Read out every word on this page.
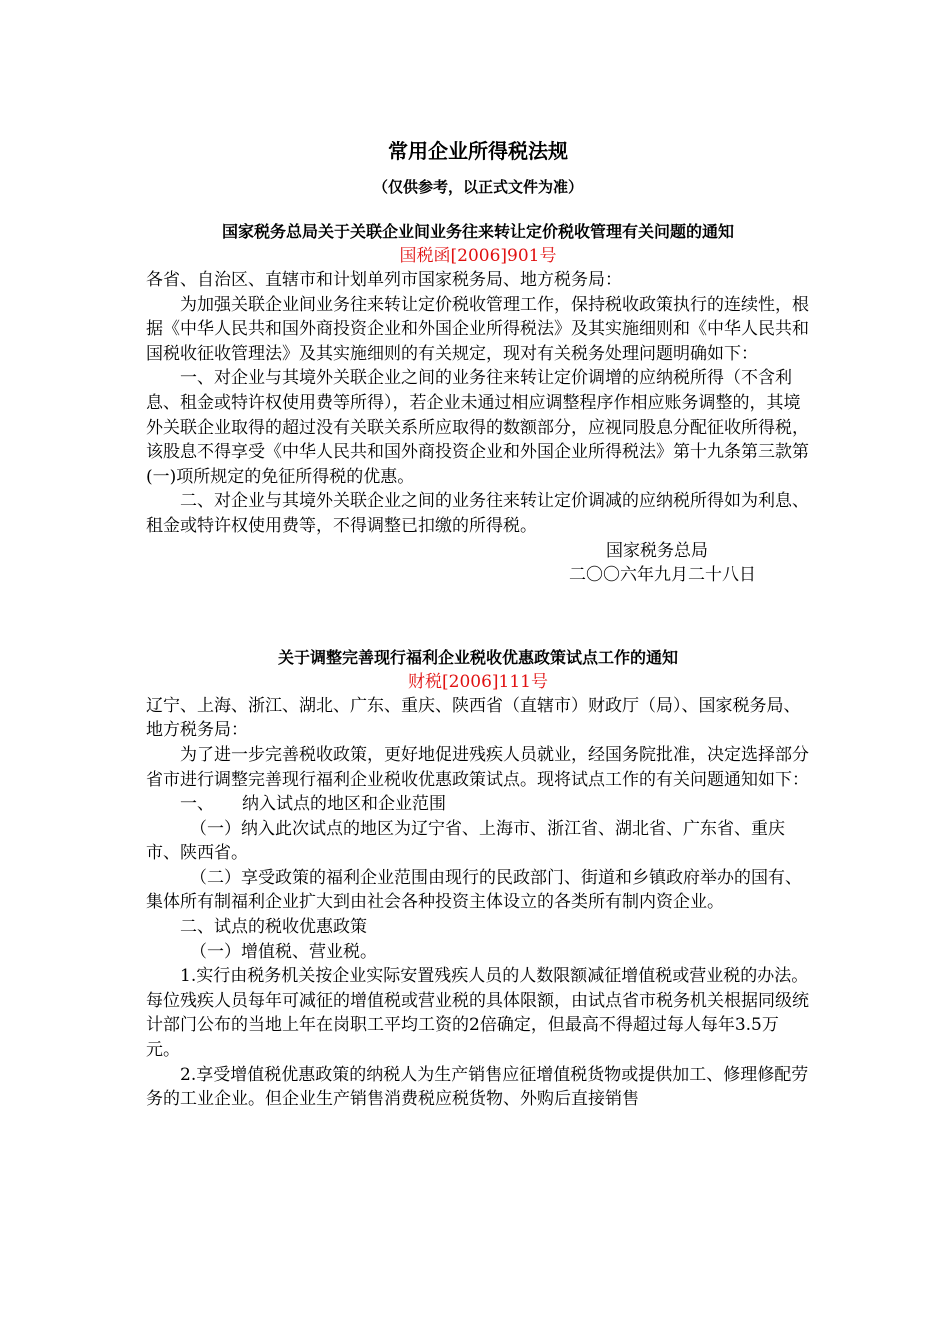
常用企业所得税法规
（仅供参考，以正式文件为准）
国家税务总局关于关联企业间业务往来转让定价税收管理有关问题的通知
国税函[2006]901号

各省、自治区、直辖市和计划单列市国家税务局、地方税务局：

为加强关联企业间业务往来转让定价税收管理工作，保持税收政策执行的连续性，根据《中华人民共和国外商投资企业和外国企业所得税法》及其实施细则和《中华人民共和国税收征收管理法》及其实施细则的有关规定，现对有关税务处理问题明确如下：

一、对企业与其境外关联企业之间的业务往来转让定价调增的应纳税所得（不含利息、租金或特许权使用费等所得），若企业未通过相应调整程序作相应账务调整的，其境外关联企业取得的超过没有关联关系所应取得的数额部分，应视同股息分配征收所得税，该股息不得享受《中华人民共和国外商投资企业和外国企业所得税法》第十九条第三款第(一)项所规定的免征所得税的优惠。

二、对企业与其境外关联企业之间的业务往来转让定价调减的应纳税所得如为利息、租金或特许权使用费等，不得调整已扣缴的所得税。

国家税务总局

二〇〇六年九月二十八日

关于调整完善现行福利企业税收优惠政策试点工作的通知
财税[2006]111号

辽宁、上海、浙江、湖北、广东、重庆、陕西省（直辖市）财政厅（局）、国家税务局、地方税务局：

为了进一步完善税收政策，更好地促进残疾人员就业，经国务院批准，决定选择部分省市进行调整完善现行福利企业税收优惠政策试点。现将试点工作的有关问题通知如下：

一、 纳入试点的地区和企业范围

（一）纳入此次试点的地区为辽宁省、上海市、浙江省、湖北省、广东省、重庆市、陕西省。

（二）享受政策的福利企业范围由现行的民政部门、街道和乡镇政府举办的国有、集体所有制福利企业扩大到由社会各种投资主体设立的各类所有制内资企业。

二、试点的税收优惠政策

（一）增值税、营业税。

1.实行由税务机关按企业实际安置残疾人员的人数限额减征增值税或营业税的办法。每位残疾人员每年可减征的增值税或营业税的具体限额，由试点省市税务机关根据同级统计部门公布的当地上年在岗职工平均工资的2倍确定，但最高不得超过每人每年3.5万元。

2.享受增值税优惠政策的纳税人为生产销售应征增值税货物或提供加工、修理修配劳务的工业企业。但企业生产销售消费税应税货物、外购后直接销售
